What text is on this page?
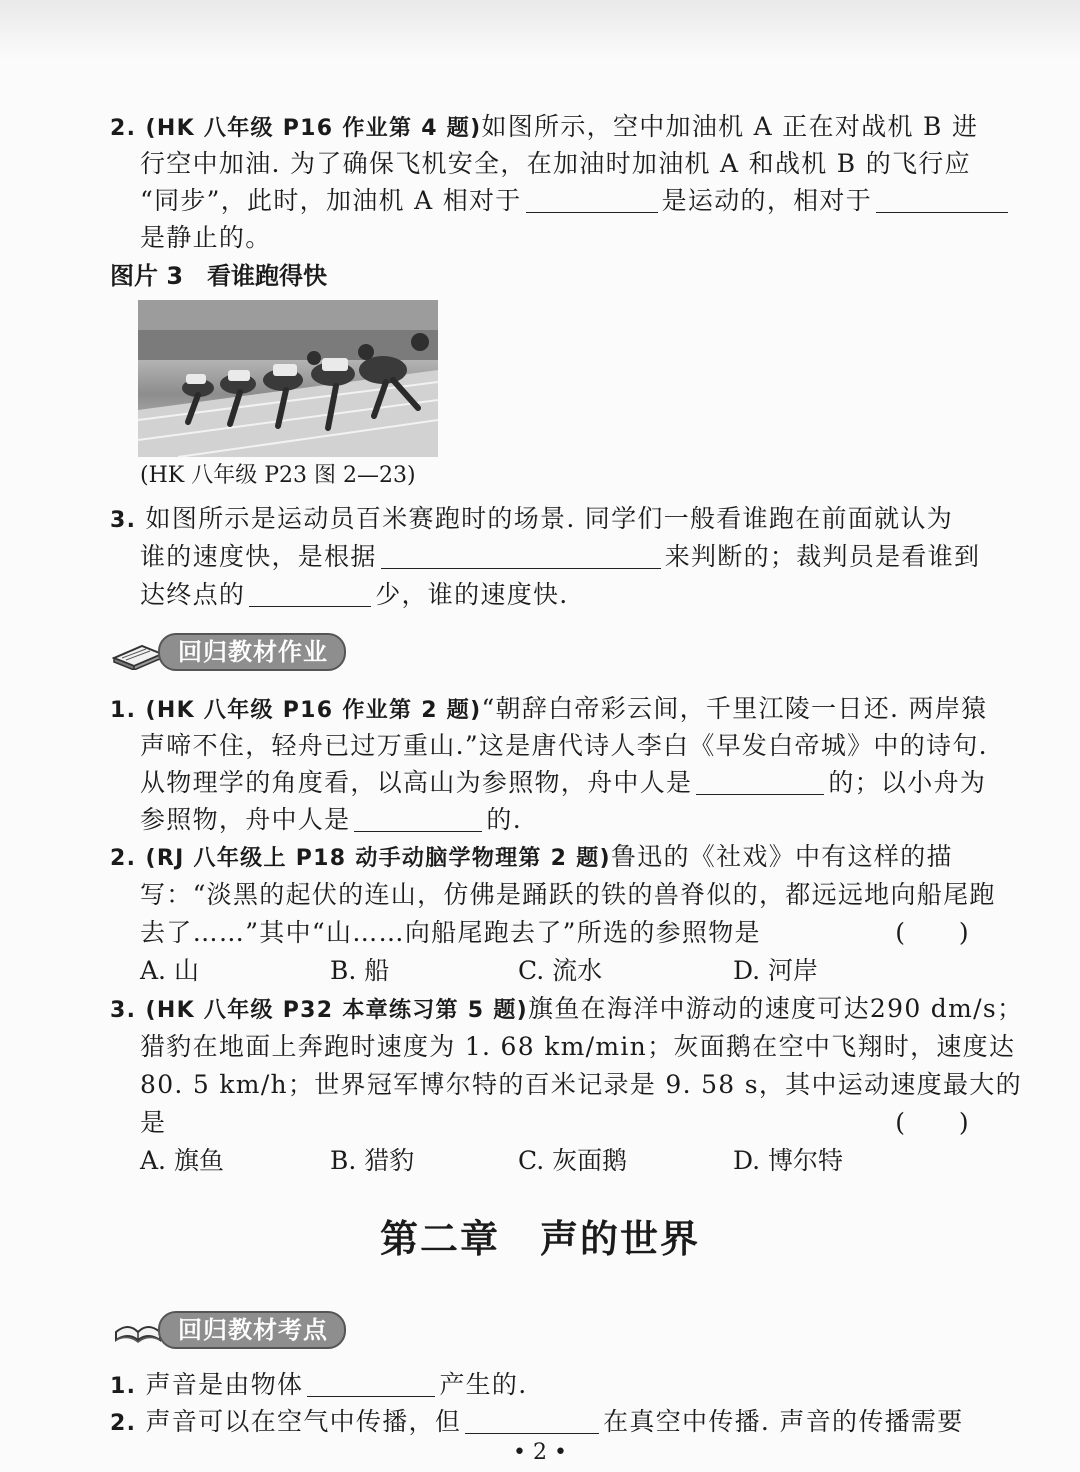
2. (HK 八年级 P16 作业第 4 题)如图所示，空中加油机 A 正在对战机 B 进
行空中加油. 为了确保飞机安全，在加油时加油机 A 和战机 B 的飞行应
“同步”，此时，加油机 A 相对于	是运动的，相对于
是静止的。
图片 3　看谁跑得快
(HK 八年级 P23 图 2—23)
3. 如图所示是运动员百米赛跑时的场景. 同学们一般看谁跑在前面就认为
谁的速度快，是根据	来判断的；裁判员是看谁到
达终点的	少，谁的速度快.
回归教材作业
1. (HK 八年级 P16 作业第 2 题)“朝辞白帝彩云间，千里江陵一日还. 两岸猿
声啼不住，轻舟已过万重山.”这是唐代诗人李白《早发白帝城》中的诗句.
从物理学的角度看，以高山为参照物，舟中人是	的；以小舟为
参照物，舟中人是	的.
2. (RJ 八年级上 P18 动手动脑学物理第 2 题)鲁迅的《社戏》中有这样的描
写：“淡黑的起伏的连山，仿佛是踊跃的铁的兽脊似的，都远远地向船尾跑
去了……”其中“山……向船尾跑去了”所选的参照物是	(　　)
A. 山	B. 船	C. 流水	D. 河岸
3. (HK 八年级 P32 本章练习第 5 题)旗鱼在海洋中游动的速度可达290 dm/s；
猎豹在地面上奔跑时速度为 1. 68 km/min；灰面鹅在空中飞翔时，速度达
80. 5 km/h；世界冠军博尔特的百米记录是 9. 58 s，其中运动速度最大的
是	(　　)
A. 旗鱼	B. 猎豹	C. 灰面鹅	D. 博尔特
第二章　声的世界
回归教材考点
1. 声音是由物体	产生的.
2. 声音可以在空气中传播，但	在真空中传播. 声音的传播需要
• 2 •
